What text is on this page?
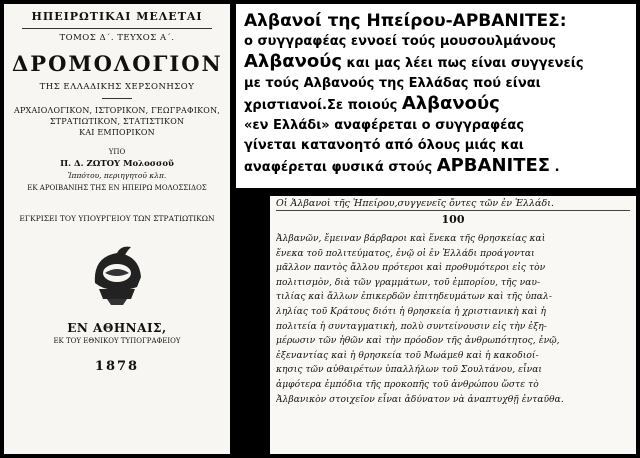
ΗΠΕΙΡΩΤΙΚΑΙ ΜΕΛΕΤΑΙ
ΤΟΜΟΣ Δ΄. ΤΕΥΧΟΣ Α΄.
ΔΡΟΜΟΛΟΓΙΟΝ
ΤΗΣ ΕΛΛΑΔΙΚΗΣ ΧΕΡΣΟΝΗΣΟΥ
ΑΡΧΑΙΟΛΟΓΙΚΟΝ, ΙΣΤΟΡΙΚΟΝ, ΓΕΩΓΡΑΦΙΚΟΝ,
ΣΤΡΑΤΙΩΤΙΚΟΝ, ΣΤΑΤΙΣΤΙΚΟΝ
ΚΑΙ ΕΜΠΟΡΙΚΟΝ
ΥΠΟ
Π. Δ. ΖΩΤΟΥ Μολοσσοῦ
Ἱππότου, περιηγητοῦ κλπ.
ΕΚ ΑΡΟΙΒΑΝΙΗΣ ΤΗΣ ΕΝ ΗΠΕΙΡΩ ΜΟΛΟΣΣΙΔΟΣ
ΕΓΚΡΙΣΕΙ ΤΟΥ ΥΠΟΥΡΓΕΙΟΥ ΤΩΝ ΣΤΡΑΤΙΩΤΙΚΩΝ
ΕΝ ΑΘΗΝΑΙΣ,
ΕΚ ΤΟΥ ΕΘΝΙΚΟΥ ΤΥΠΟΓΡΑΦΕΙΟΥ
1878
Αλβανοί της Ηπείρου-ΑΡΒΑΝΙΤΕΣ:
ο συγγραφέας εννοεί τούς μουσουλμάνους
Αλβανούς και μας λέει πως είναι συγγενείς
με τούς Αλβανούς της Ελλάδας πού είναι
χριστιανοί.Σε ποιούς Αλβανούς
«εν Ελλάδι» αναφέρεται ο συγγραφέας
γίνεται κατανοητό από όλους μιάς και
αναφέρεται φυσικά στούς ΑΡΒΑΝΙΤΕΣ .
Οἱ Ἀλβανοὶ τῆς Ἠπείρου,συγγενεῖς ὄντες τῶν ἐν Ἑλλάδι.
100
Ἀλβανῶν, ἔμειναν βάρβαροι καὶ ἕνεκα τῆς θρησκείας καὶ
ἕνεκα τοῦ πολιτεύματος, ἐνῷ οἱ ἐν Ἑλλάδι προάγονται
μᾶλλον παντὸς ἄλλου πρότεροι καὶ προθυμότεροι εἰς τὸν
πολιτισμὸν, διὰ τῶν γραμμάτων, τοῦ ἐμπορίου, τῆς ναυ-
τιλίας καὶ ἄλλων ἐπικερδῶν ἐπιτηδευμάτων καὶ τῆς ὑπαλ-
ληλίας τοῦ Κράτους διότι ἡ θρησκεία ἡ χριστιανικὴ καὶ ἡ
πολιτεία ἡ συνταγματικὴ, πολὺ συντείνουσιν εἰς τὴν ἐξη-
μέρωσιν τῶν ἠθῶν καὶ τὴν πρόοδον τῆς ἀνθρωπότητος, ἐνῷ,
ἐξεναντίας καὶ ἡ θρησκεία τοῦ Μωάμεθ καὶ ἡ κακοδιοί-
κησις τῶν αὐθαιρέτων ὑπαλλήλων τοῦ Σουλτάνου, εἶναι
ἀμφότερα ἐμπόδια τῆς προκοπῆς τοῦ ἀνθρώπου ὥστε τὸ
Ἀλβανικὸν στοιχεῖον εἶναι ἀδύνατον νὰ ἀναπτυχθῇ ἐνταῦθα.
